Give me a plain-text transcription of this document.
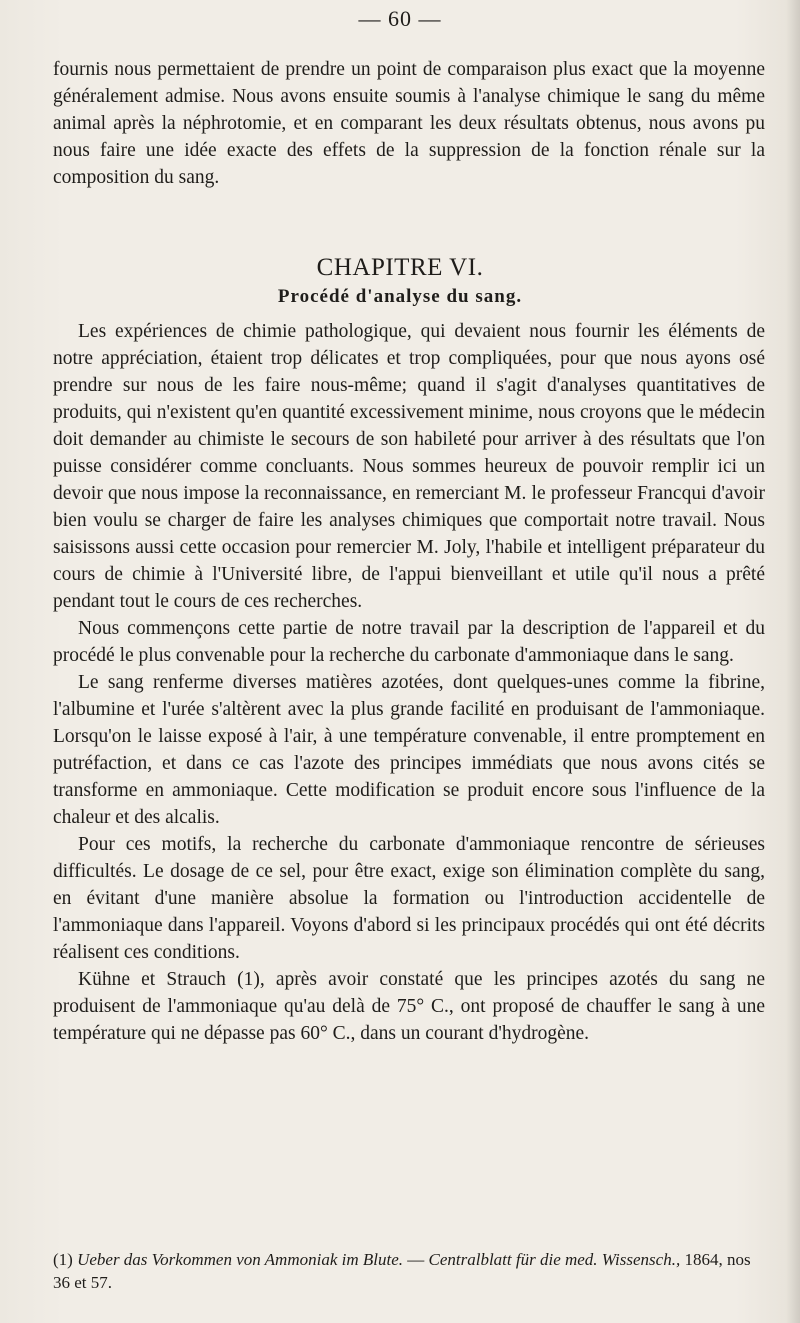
— 60 —

fournis nous permettaient de prendre un point de comparaison plus exact que la moyenne généralement admise. Nous avons ensuite soumis à l'analyse chimique le sang du même animal après la néphrotomie, et en comparant les deux résultats obtenus, nous avons pu nous faire une idée exacte des effets de la suppression de la fonction rénale sur la composition du sang.

CHAPITRE VI.
Procédé d'analyse du sang.

Les expériences de chimie pathologique, qui devaient nous fournir les éléments de notre appréciation, étaient trop délicates et trop compliquées, pour que nous ayons osé prendre sur nous de les faire nous-même; quand il s'agit d'analyses quantitatives de produits, qui n'existent qu'en quantité excessivement minime, nous croyons que le médecin doit demander au chimiste le secours de son habileté pour arriver à des résultats que l'on puisse considérer comme concluants. Nous sommes heureux de pouvoir remplir ici un devoir que nous impose la reconnaissance, en remerciant M. le professeur Francqui d'avoir bien voulu se charger de faire les analyses chimiques que comportait notre travail. Nous saisissons aussi cette occasion pour remercier M. Joly, l'habile et intelligent préparateur du cours de chimie à l'Université libre, de l'appui bienveillant et utile qu'il nous a prêté pendant tout le cours de ces recherches.

Nous commençons cette partie de notre travail par la description de l'appareil et du procédé le plus convenable pour la recherche du carbonate d'ammoniaque dans le sang.

Le sang renferme diverses matières azotées, dont quelques-unes comme la fibrine, l'albumine et l'urée s'altèrent avec la plus grande facilité en produisant de l'ammoniaque. Lorsqu'on le laisse exposé à l'air, à une température convenable, il entre promptement en putréfaction, et dans ce cas l'azote des principes immédiats que nous avons cités se transforme en ammoniaque. Cette modification se produit encore sous l'influence de la chaleur et des alcalis.

Pour ces motifs, la recherche du carbonate d'ammoniaque rencontre de sérieuses difficultés. Le dosage de ce sel, pour être exact, exige son élimination complète du sang, en évitant d'une manière absolue la formation ou l'introduction accidentelle de l'ammoniaque dans l'appareil. Voyons d'abord si les principaux procédés qui ont été décrits réalisent ces conditions.

Kühne et Strauch (1), après avoir constaté que les principes azotés du sang ne produisent de l'ammoniaque qu'au delà de 75° C., ont proposé de chauffer le sang à une température qui ne dépasse pas 60° C., dans un courant d'hydrogène.

(1) Ueber das Vorkommen von Ammoniak im Blute. — Centralblatt für die med. Wissensch., 1864, nos 36 et 57.
